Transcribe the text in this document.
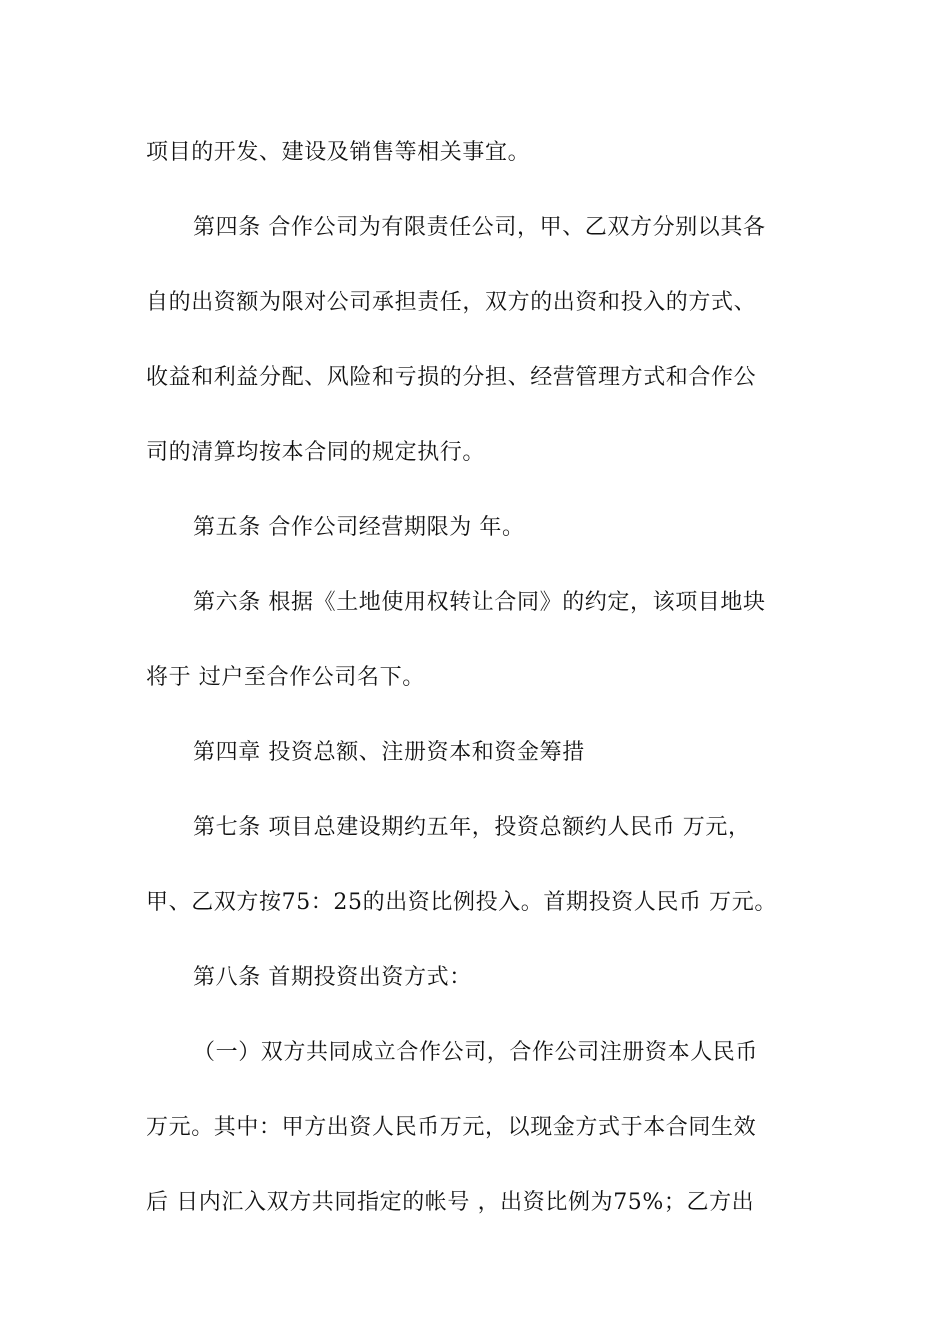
项目的开发、建设及销售等相关事宜。
第四条 合作公司为有限责任公司，甲、乙双方分别以其各
自的出资额为限对公司承担责任，双方的出资和投入的方式、
收益和利益分配、风险和亏损的分担、经营管理方式和合作公
司的清算均按本合同的规定执行。
第五条 合作公司经营期限为 年。
第六条 根据《土地使用权转让合同》的约定，该项目地块
将于 过户至合作公司名下。
第四章 投资总额、注册资本和资金筹措
第七条 项目总建设期约五年，投资总额约人民币 万元，
甲、乙双方按75：25的出资比例投入。首期投资人民币 万元。
第八条 首期投资出资方式：
（一）双方共同成立合作公司，合作公司注册资本人民币
万元。其中：甲方出资人民币万元，以现金方式于本合同生效
后 日内汇入双方共同指定的帐号 ，出资比例为75%；乙方出
